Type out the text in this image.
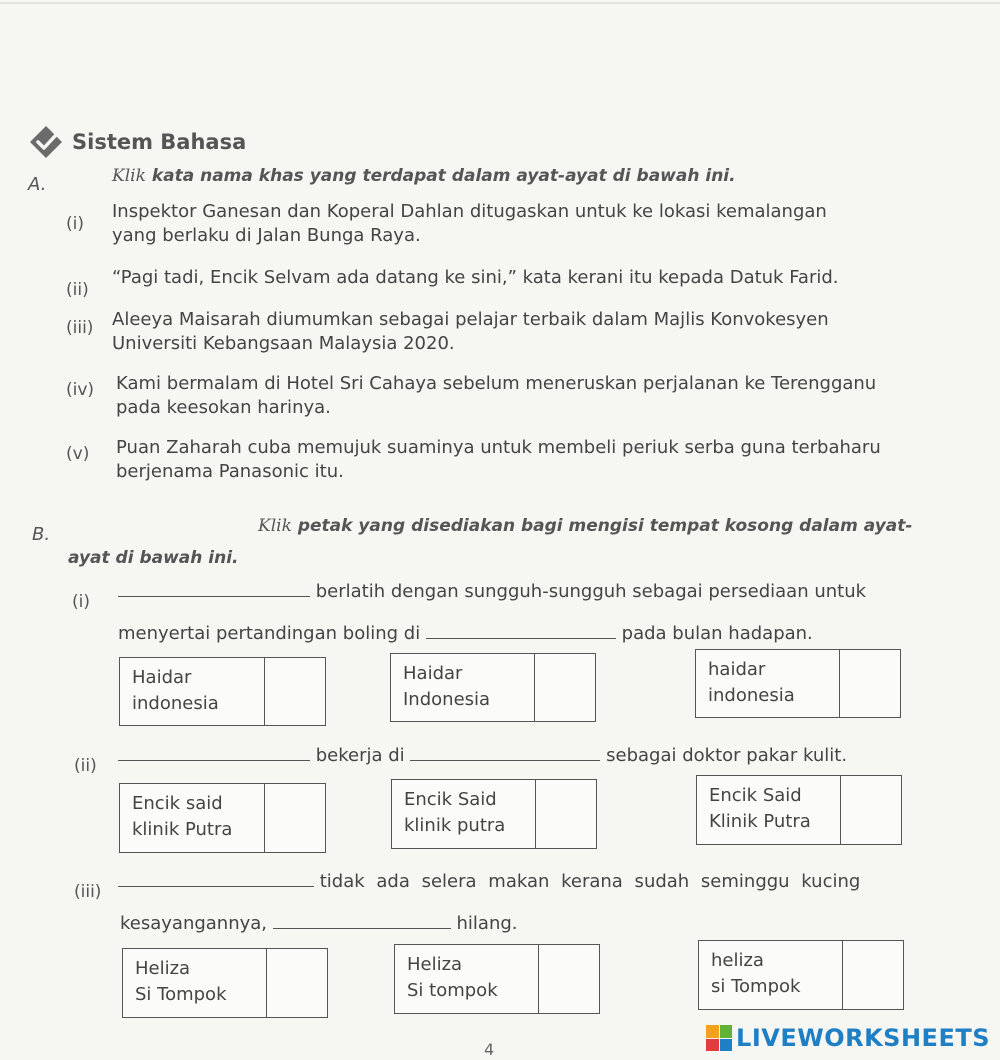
Sistem Bahasa
A.	Klik kata nama khas yang terdapat dalam ayat-ayat di bawah ini.
(i)
Inspektor Ganesan dan Koperal Dahlan ditugaskan untuk ke lokasi kemalangan
yang berlaku di Jalan Bunga Raya.
(ii)
“Pagi tadi, Encik Selvam ada datang ke sini,” kata kerani itu kepada Datuk Farid.
(iii) Aleeya Maisarah diumumkan sebagai pelajar terbaik dalam Majlis Konvokesyen
Universiti Kebangsaan Malaysia 2020.
(iv) Kami bermalam di Hotel Sri Cahaya sebelum meneruskan perjalanan ke Terengganu
pada keesokan harinya.
(v) Puan Zaharah cuba memujuk suaminya untuk membeli periuk serba guna terbaharu
berjenama Panasonic itu.
B.	Klik petak yang disediakan bagi mengisi tempat kosong dalam ayat-
ayat di bawah ini.
(i)	berlatih dengan sungguh-sungguh sebagai persediaan untuk
menyertai pertandingan boling di	pada bulan hadapan.
Haidar
indonesia
Haidar
Indonesia
haidar
indonesia
(ii)	bekerja di	sebagai doktor pakar kulit.
Encik said
klinik Putra
Encik Said
klinik putra
Encik Said
Klinik Putra
(iii)	tidak ada selera makan kerana sudah seminggu kucing
kesayangannya,	hilang.
Heliza
Si Tompok
Heliza
Si tompok
heliza
si Tompok
4	LIVEWORKSHEETS
